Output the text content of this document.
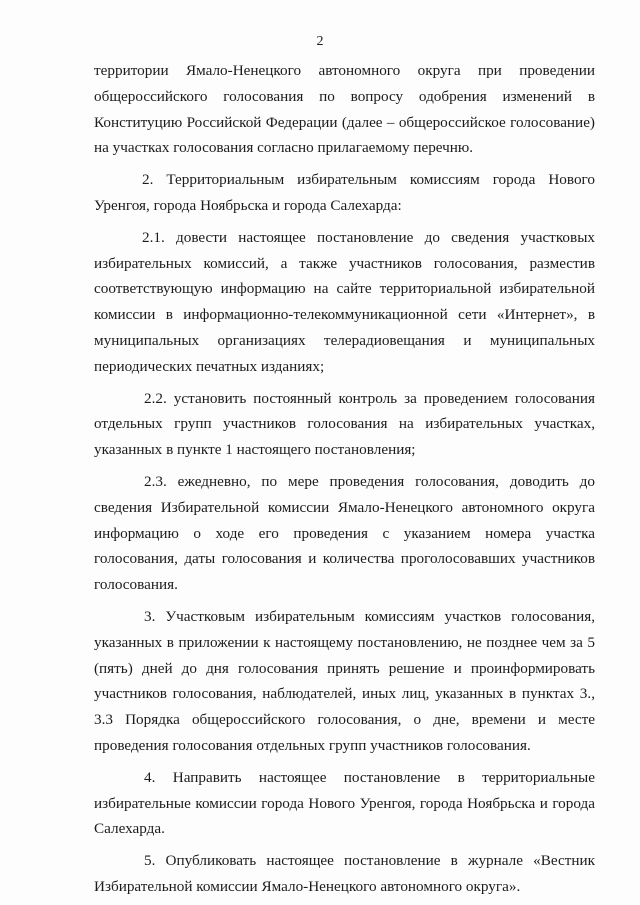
2

территории Ямало-Ненецкого автономного округа при проведении общероссийского голосования по вопросу одобрения изменений в Конституцию Российской Федерации (далее – общероссийское голосование) на участках голосования согласно прилагаемому перечню.

2. Территориальным избирательным комиссиям города Нового Уренгоя, города Ноябрьска и города Салехарда:

2.1. довести настоящее постановление до сведения участковых избирательных комиссий, а также участников голосования, разместив соответствующую информацию на сайте территориальной избирательной комиссии в информационно-телекоммуникационной сети «Интернет», в муниципальных организациях телерадиовещания и муниципальных периодических печатных изданиях;

2.2. установить постоянный контроль за проведением голосования отдельных групп участников голосования на избирательных участках, указанных в пункте 1 настоящего постановления;

2.3. ежедневно, по мере проведения голосования, доводить до сведения Избирательной комиссии Ямало-Ненецкого автономного округа информацию о ходе его проведения с указанием номера участка голосования, даты голосования и количества проголосовавших участников голосования.

3. Участковым избирательным комиссиям участков голосования, указанных в приложении к настоящему постановлению, не позднее чем за 5 (пять) дней до дня голосования принять решение и проинформировать участников голосования, наблюдателей, иных лиц, указанных в пунктах 3., 3.3 Порядка общероссийского голосования, о дне, времени и месте проведения голосования отдельных групп участников голосования.

4. Направить настоящее постановление в территориальные избирательные комиссии города Нового Уренгоя, города Ноябрьска и города Салехарда.

5. Опубликовать настоящее постановление в журнале «Вестник Избирательной комиссии Ямало-Ненецкого автономного округа».
